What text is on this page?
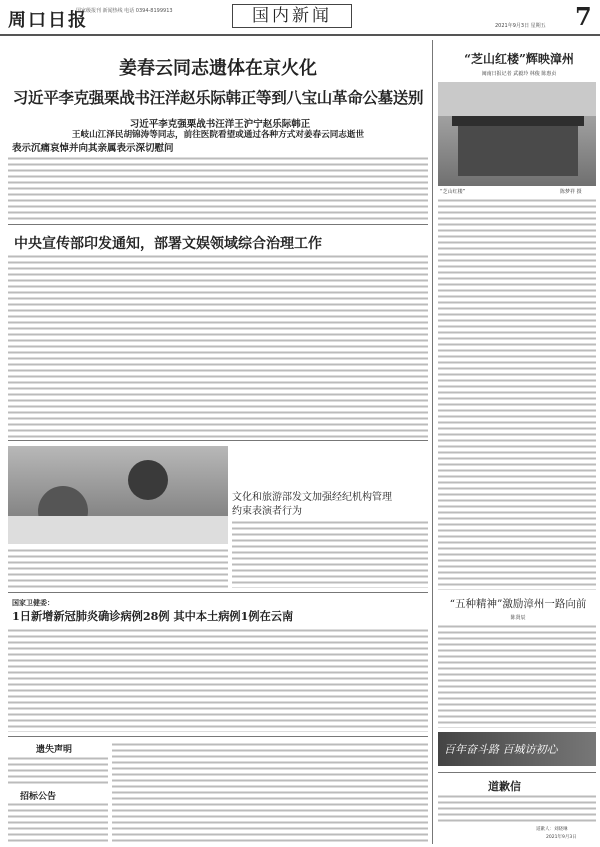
周口日报
国家级报刊 新闻热线 电话 0394-8199913	国内新闻	7
2021年9月3日 星期五
姜春云同志遗体在京火化
习近平李克强栗战书汪洋赵乐际韩正等到八宝山革命公墓送别
习近平李克强栗战书汪洋王沪宁赵乐际韩正
王岐山江泽民胡锦涛等同志，前往医院看望或通过各种方式对姜春云同志逝世
表示沉痛哀悼并向其亲属表示深切慰问
中央宣传部印发通知，部署文娱领域综合治理工作
文化和旅游部发文加强经纪机构管理
约束表演者行为
国家卫健委：
1日新增新冠肺炎确诊病例28例 其中本土病例1例在云南
遗失声明
招标公告
“芝山红楼”辉映漳州
闽南日报记者 武毅玲 林俊 陈惠贞
“芝山红楼”	陈梦祥 摄
“五种精神”激励漳州一路向前
陈贤辰
百年奋斗路 百城访初心
道歉信
道歉人：刘晓琳
2021年9月3日
